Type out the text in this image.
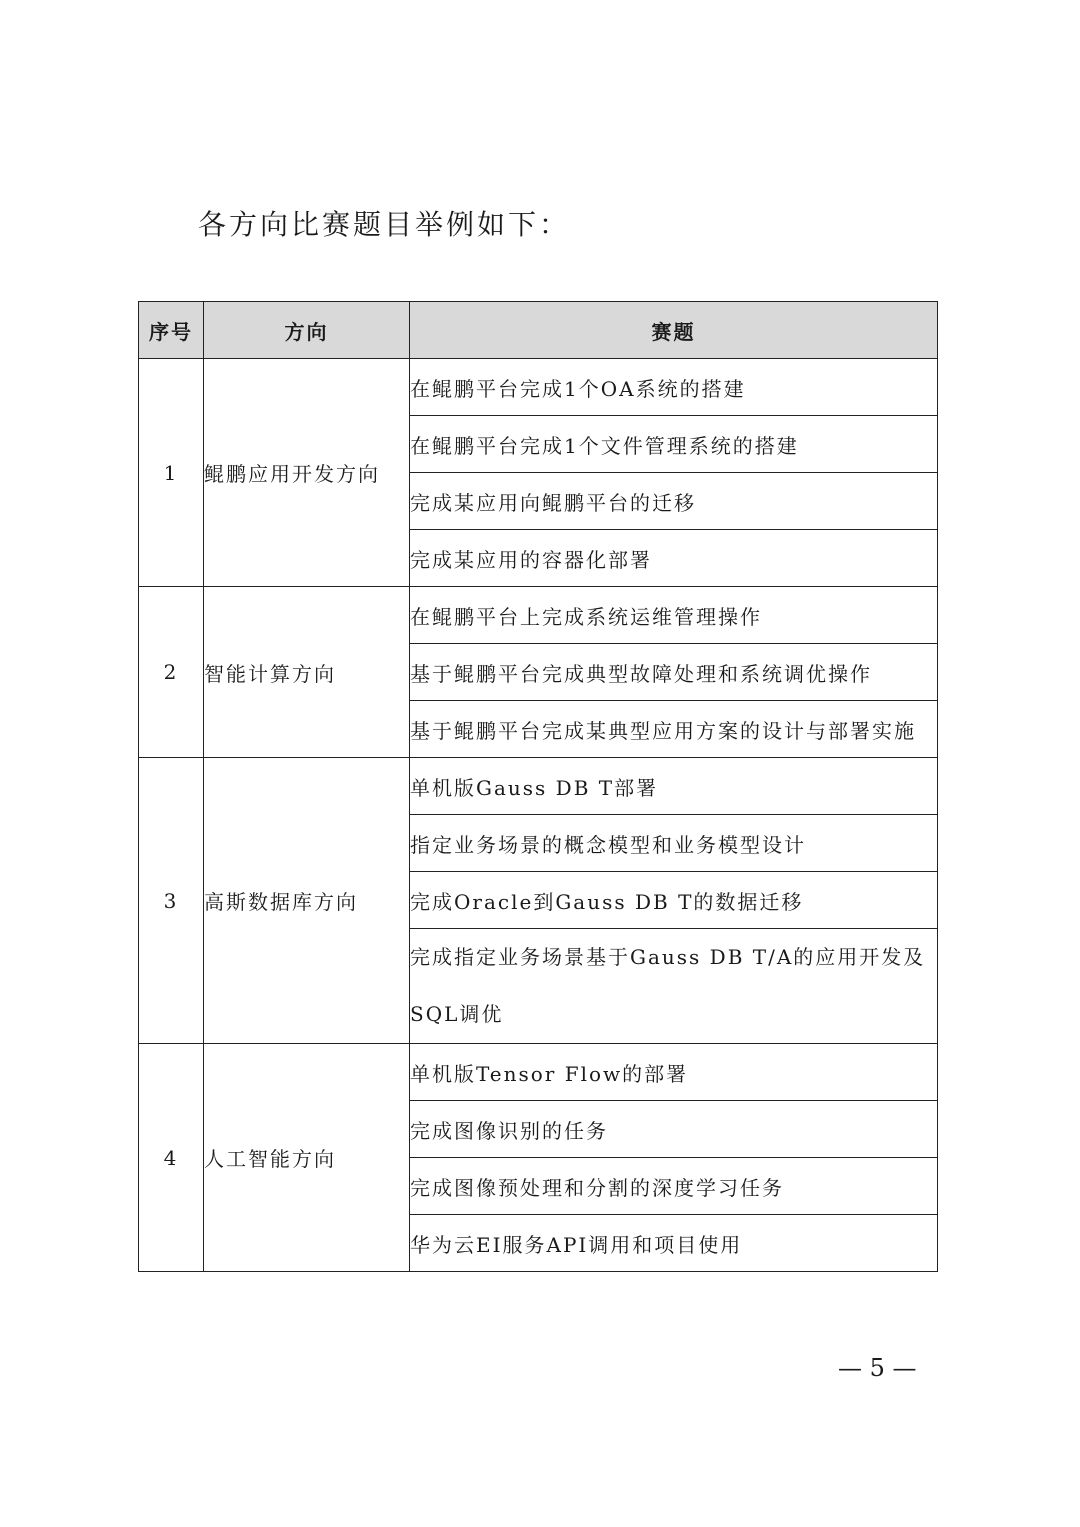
各方向比赛题目举例如下：
序号	方向	赛题
1	鲲鹏应用开发方向	在鲲鹏平台完成1个OA系统的搭建
		在鲲鹏平台完成1个文件管理系统的搭建
		完成某应用向鲲鹏平台的迁移
		完成某应用的容器化部署
2	智能计算方向	在鲲鹏平台上完成系统运维管理操作
		基于鲲鹏平台完成典型故障处理和系统调优操作
		基于鲲鹏平台完成某典型应用方案的设计与部署实施
3	高斯数据库方向	单机版Gauss DB T部署
		指定业务场景的概念模型和业务模型设计
		完成Oracle到Gauss DB T的数据迁移
		完成指定业务场景基于Gauss DB T/A的应用开发及SQL调优
4	人工智能方向	单机版Tensor Flow的部署
		完成图像识别的任务
		完成图像预处理和分割的深度学习任务
		华为云EI服务API调用和项目使用
— 5 —
